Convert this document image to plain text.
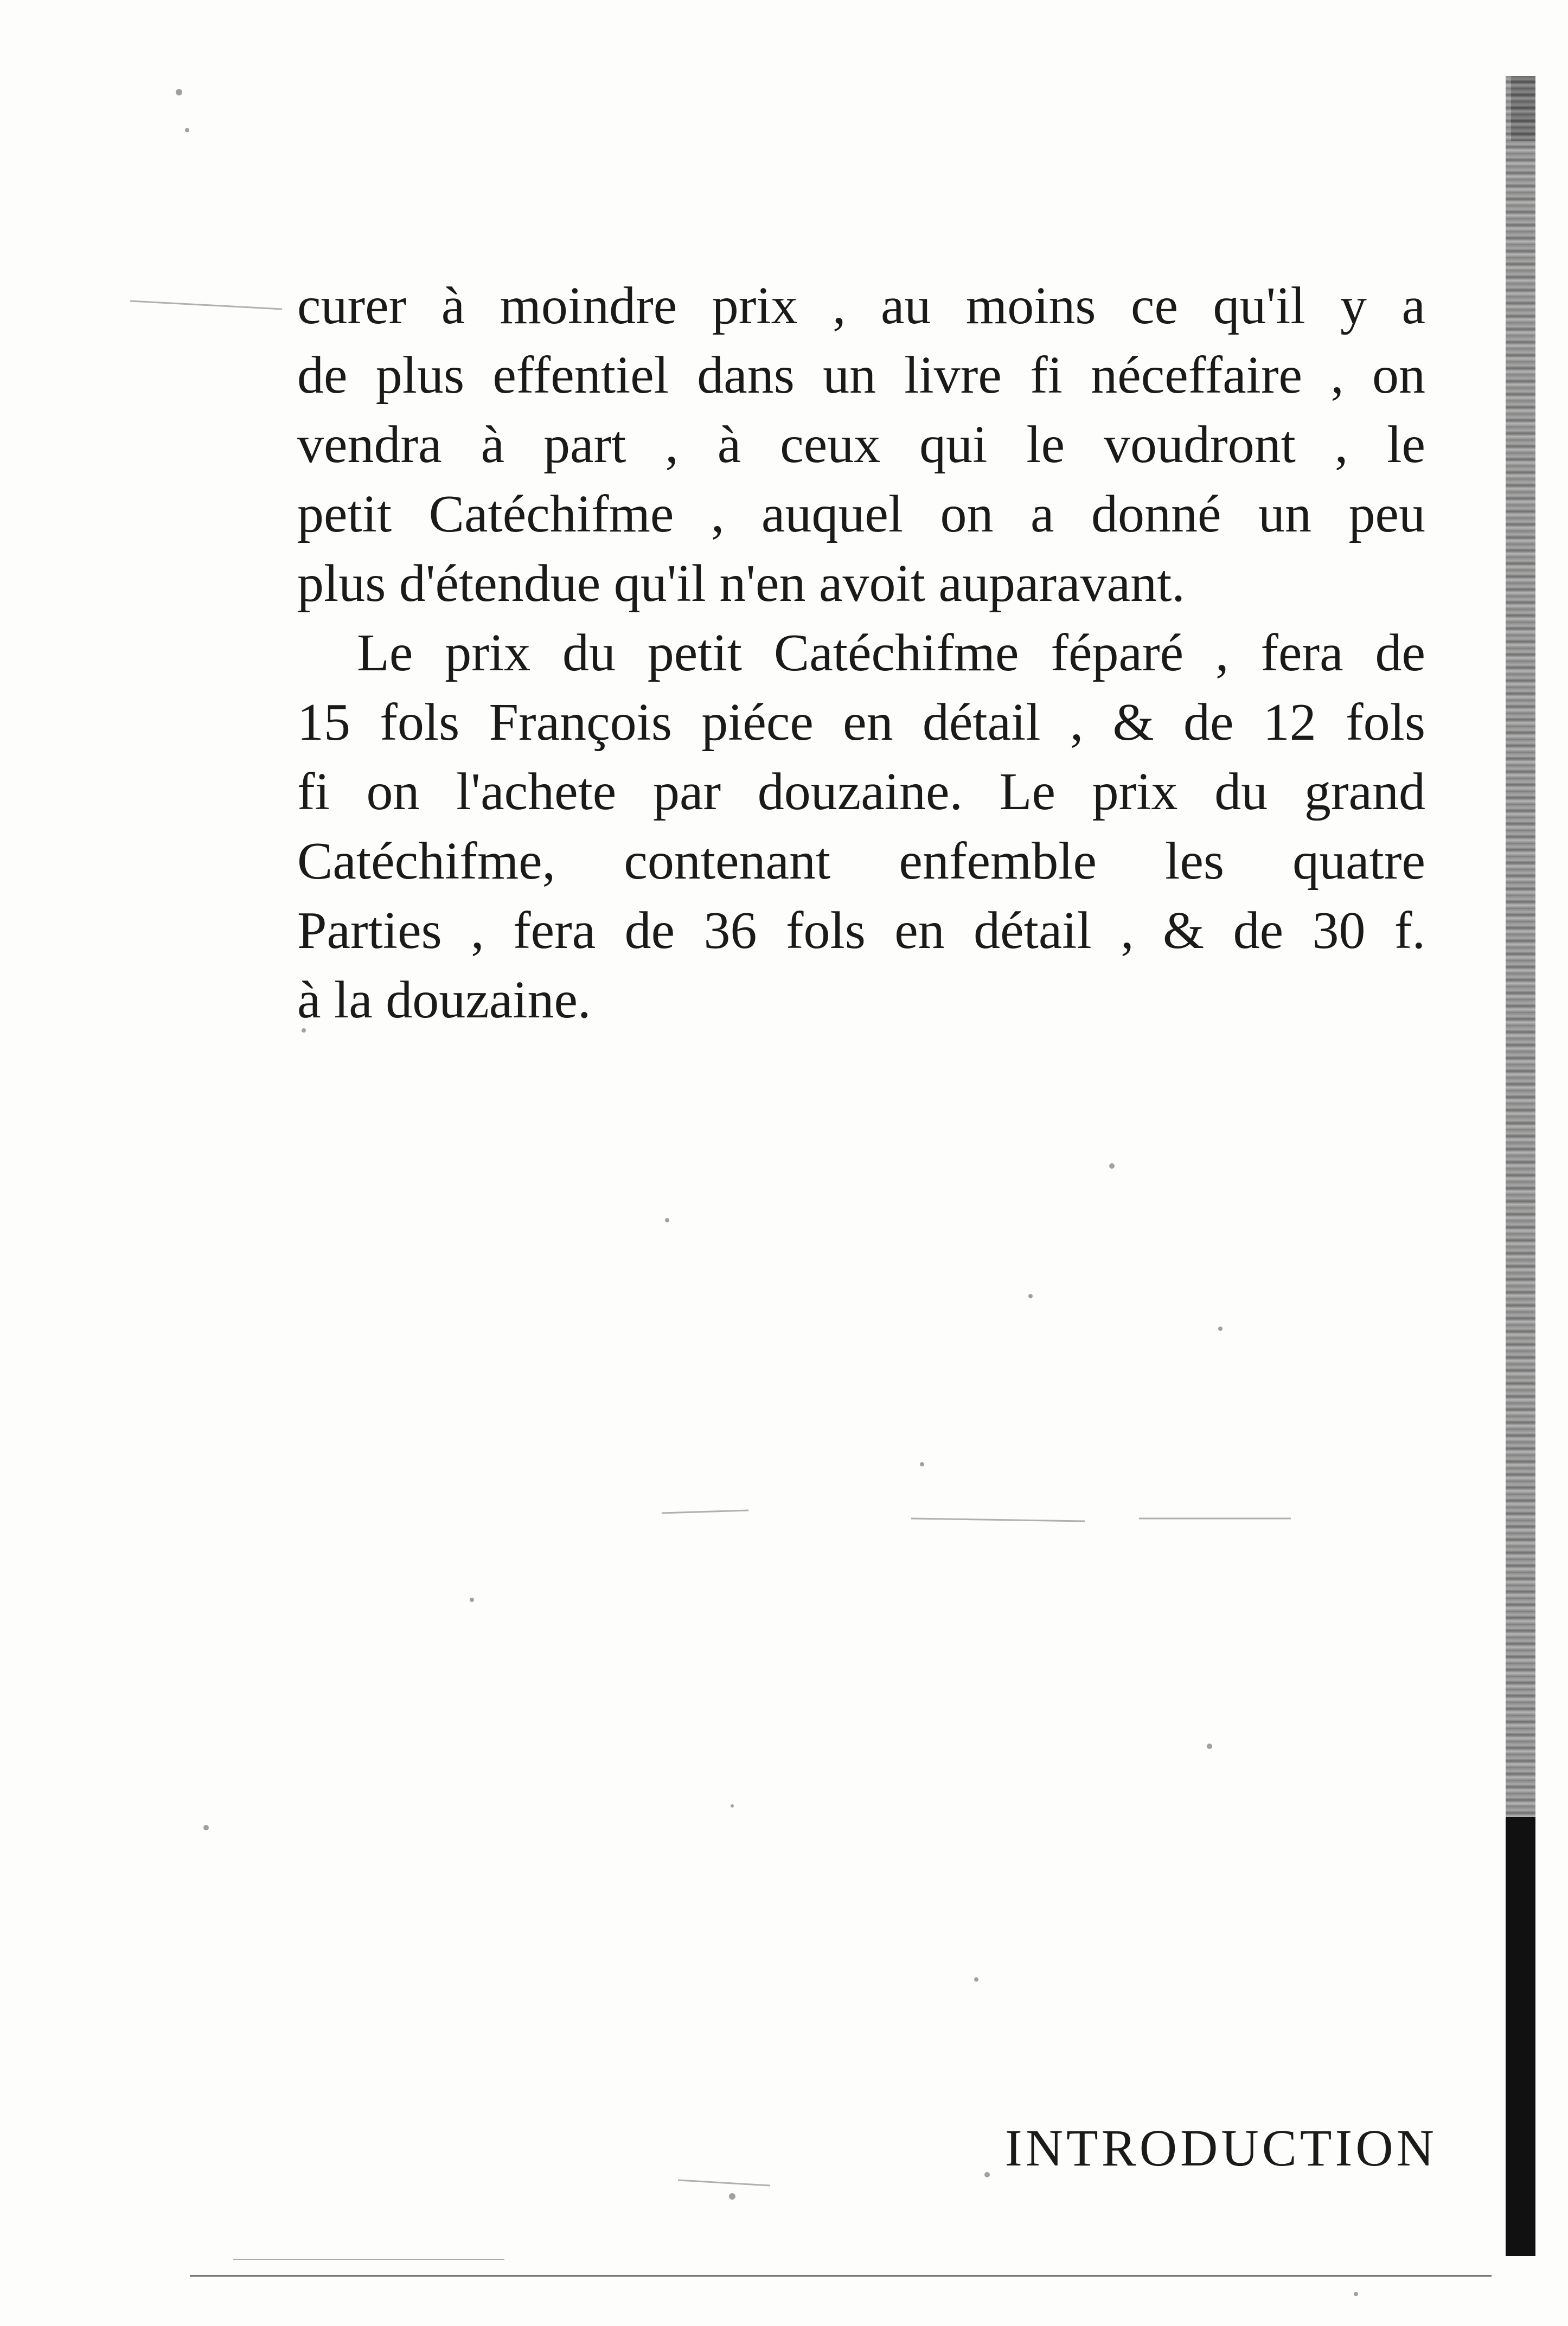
curer à moindre prix , au moins ce qu'il y a
de plus effentiel dans un livre fi néceffaire , on
vendra à part , à ceux qui le voudront , le
petit Catéchifme , auquel on a donné un peu
plus d'étendue qu'il n'en avoit auparavant.
Le prix du petit Catéchifme féparé , fera de
15 fols François piéce en détail , & de 12 fols
fi on l'achete par douzaine. Le prix du grand
Catéchifme, contenant enfemble les quatre
Parties , fera de 36 fols en détail , & de 30 f.
à la douzaine.
INTRODUCTION
